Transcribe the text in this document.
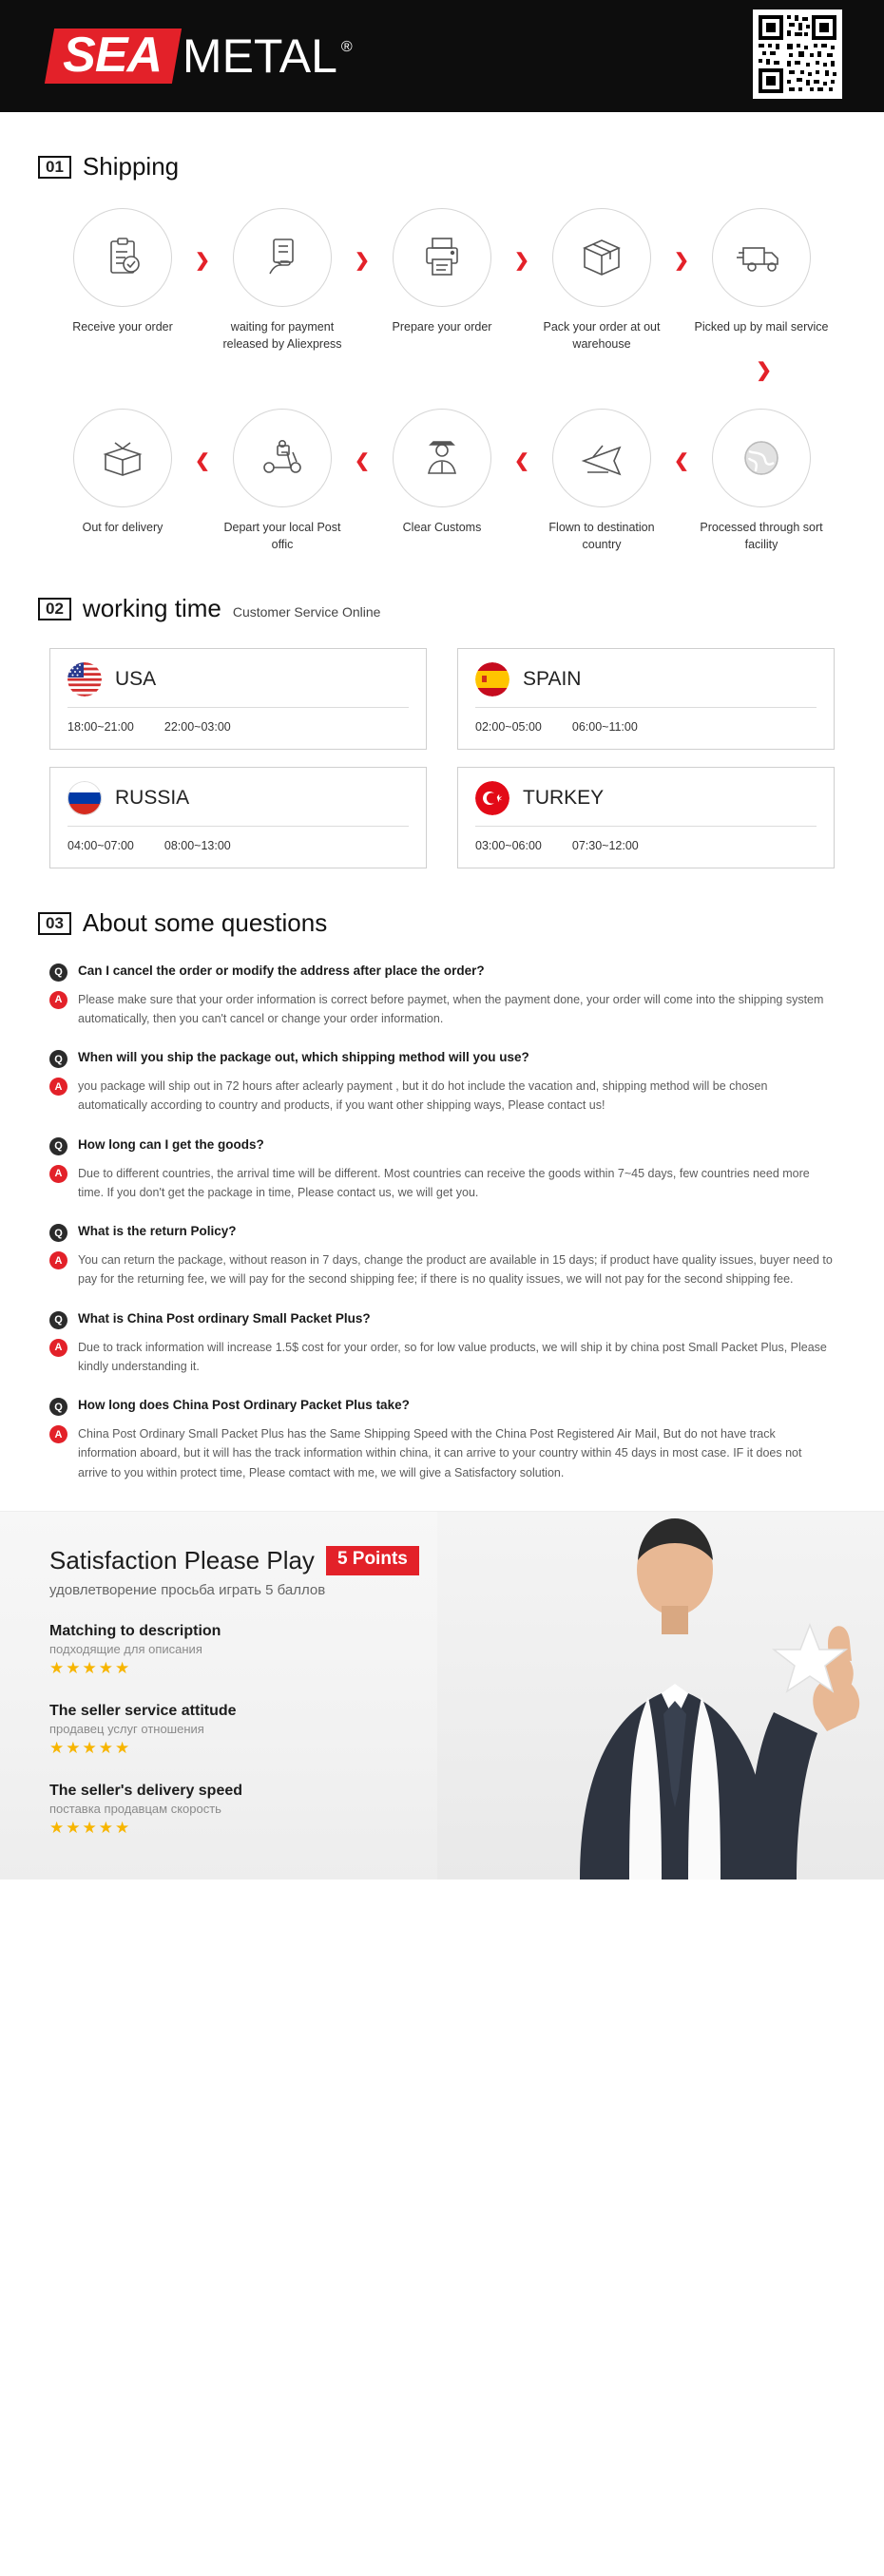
SEA METAL ®
01 Shipping
Receive your order
❯
waiting for payment released by Aliexpress
❯
Prepare your order
❯
Pack your order at out warehouse
❯
Picked up by mail service
❯
Out for delivery
❮
Depart your local Post offic
❮
Clear Customs
❮
Flown to destination country
❮
Processed through sort facility
02 working time Customer Service Online
USA
18:00~21:00	22:00~03:00
SPAIN
02:00~05:00	06:00~11:00
RUSSIA
04:00~07:00	08:00~13:00
TURKEY
03:00~06:00	07:30~12:00
03 About some questions
Q	Can I cancel the order or modify the address after place the order?
A	Please make sure that your order information is correct before paymet, when the payment done, your order will come into the shipping system automatically, then you can't cancel or change your order information.
Q	When will you ship the package out, which shipping method will you use?
A	you package will ship out in 72 hours after aclearly payment , but it do hot include the vacation and, shipping method will be chosen automatically according to country and products, if you want other shipping ways, Please contact us!
Q	How long can I get the goods?
A	Due to different countries, the arrival time will be different. Most countries can receive the goods within 7~45 days, few countries need more time. If you don't get the package in time, Please contact us, we will get you.
Q	What is the return Policy?
A	You can return the package, without reason in 7 days, change the product are available in 15 days; if product have quality issues, buyer need to pay for the returning fee, we will pay for the second shipping fee; if there is no quality issues, we will not pay for the second shipping fee.
Q	What is China Post ordinary Small Packet Plus?
A	Due to track information will increase 1.5$ cost for your order, so for low value products, we will ship it by china post Small Packet Plus, Please kindly understanding it.
Q	How long does China Post Ordinary Packet Plus take?
A	China Post Ordinary Small Packet Plus has the Same Shipping Speed with the China Post Registered Air Mail, But do not have track information aboard, but it will has the track information within china, it can arrive to your country within 45 days in most case. IF it does not arrive to you within protect time, Please comtact with me, we will give a Satisfactory solution.
Satisfaction Please Play	5 Points
удовлетворение просьба играть 5 баллов
Matching to description
подходящие для описания
★★★★★
The seller service attitude
продавец услуг отношения
★★★★★
The seller's delivery speed
поставка продавцам скорость
★★★★★
